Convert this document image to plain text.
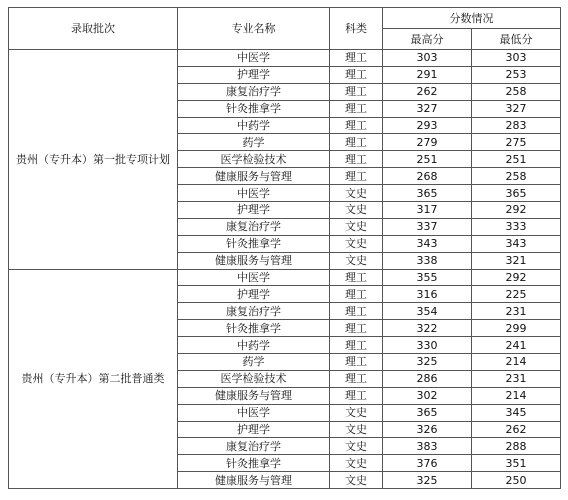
录取批次	专业名称	科类	分数情况	
			最高分	最低分
贵州（专升本）第一批专项计划	中医学	理工	303	303
	护理学	理工	291	253
	康复治疗学	理工	262	258
	针灸推拿学	理工	327	327
	中药学	理工	293	283
	药学	理工	279	275
	医学检验技术	理工	251	251
	健康服务与管理	理工	268	258
	中医学	文史	365	365
	护理学	文史	317	292
	康复治疗学	文史	337	333
	针灸推拿学	文史	343	343
	健康服务与管理	文史	338	321
贵州（专升本）第二批普通类	中医学	理工	355	292
	护理学	理工	316	225
	康复治疗学	理工	354	231
	针灸推拿学	理工	322	299
	中药学	理工	330	241
	药学	理工	325	214
	医学检验技术	理工	286	231
	健康服务与管理	理工	302	214
	中医学	文史	365	345
	护理学	文史	326	262
	康复治疗学	文史	383	288
	针灸推拿学	文史	376	351
	健康服务与管理	文史	325	250
